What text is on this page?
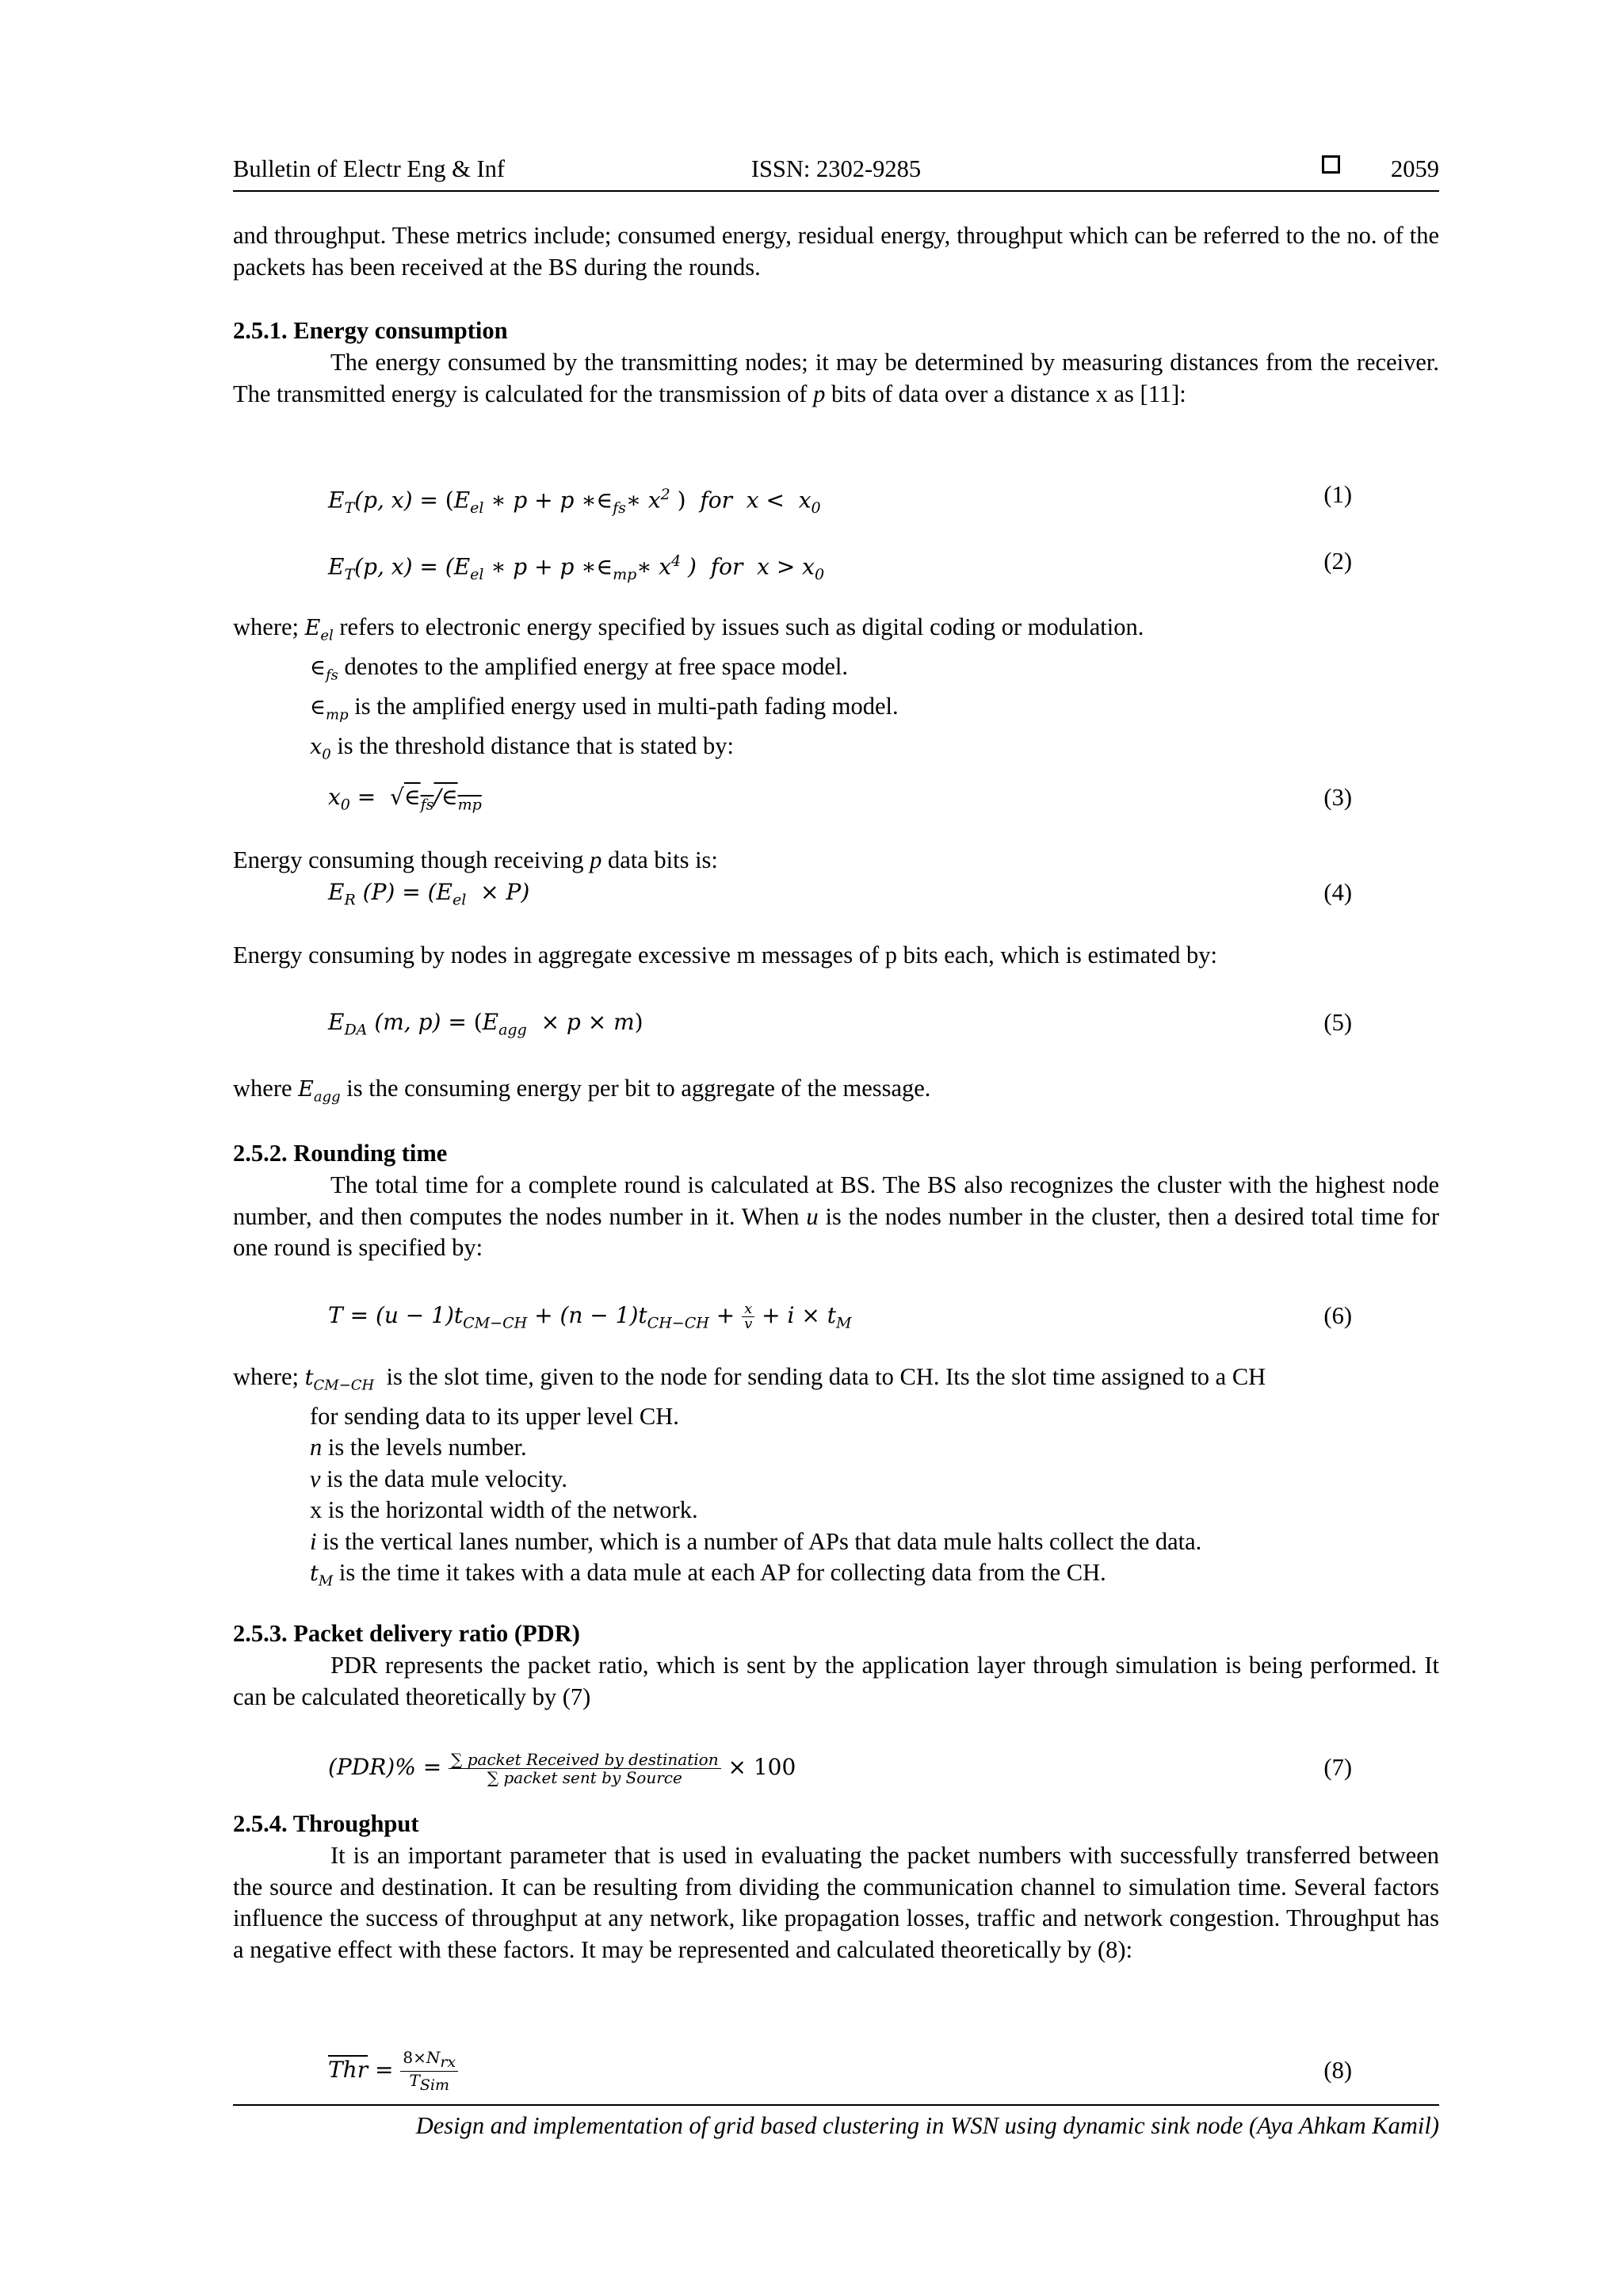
Bulletin of Electr Eng & Inf	ISSN: 2302-9285	2059

and throughput. These metrics include; consumed energy, residual energy, throughput which can be referred to the no. of the packets has been received at the BS during the rounds.

2.5.1. Energy consumption

The energy consumed by the transmitting nodes; it may be determined by measuring distances from the receiver. The transmitted energy is calculated for the transmission of p bits of data over a distance x as [11]:

$E_T(p$, $x) = (E_{el}$ ∗ p + p $∗\in_{fs}∗$ $x^2$ )  for  $x < x_0$	(1)
$E_T(p$, $x) = (E_{el}$ ∗ p + p $∗\in_{mp}∗$ $x^4$ )  for  $x > x_0$	(2)
where; $E_{el}$ refers to electronic energy specified by issues such as digital coding or modulation.
$\in_{fs}$ denotes to the amplified energy at free space model.
$\in_{mp}$ is the amplified energy used in multi-path fading model.
$x_0$ is the threshold distance that is stated by:
$x_0$ =  $√\in_{fs}/\in_{mp}$	(3)

Energy consuming though receiving p data bits is:

$E_R$ $(P) = (E_{el} \times P)$	(4)

Energy consuming by nodes in aggregate excessive m messages of p bits each, which is estimated by:

$E_{DA}$ (m, $p) = (E_{agg} \times p \times m)$	(5)

where $E_{agg}$ is the consuming energy per bit to aggregate of the message.

2.5.2. Rounding time

The total time for a complete round is calculated at BS. The BS also recognizes the cluster with the highest node number, and then computes the nodes number in it. When u is the nodes number in the cluster, then a desired total time for one round is specified by:

$T = (u - 1)t_{CM-CH} + (n - 1)t_{CH-CH} + \frac{x}{v} + i \times t_M$	(6)
where; $t_{CM-CH}$ is the slot time, given to the node for sending data to CH. Its the slot time assigned to a CH
for sending data to its upper level CH.
n is the levels number.
v is the data mule velocity.
x is the horizontal width of the network.
i is the vertical lanes number, which is a number of APs that data mule halts collect the data.
$t_M$ is the time it takes with a data mule at each AP for collecting data from the CH.
2.5.3. Packet delivery ratio (PDR)

PDR represents the packet ratio, which is sent by the application layer through simulation is being performed. It can be calculated theoretically by (7)

$(PDR)\% = \frac{\text{∑ packet Received by destination}}{\text{∑ packet sent by Source}} \times 100$	(7)
2.5.4. Throughput

It is an important parameter that is used in evaluating the packet numbers with successfully transferred between the source and destination. It can be resulting from dividing the communication channel to simulation time. Several factors influence the success of throughput at any network, like propagation losses, traffic and network congestion. Throughput has a negative effect with these factors. It may be represented and calculated theoretically by (8):

$\overline{Thr} = \frac{8\times N_{rx}}{T_{Sim}}$	(8)
Design and implementation of grid based clustering in WSN using dynamic sink node (Aya Ahkam Kamil)
